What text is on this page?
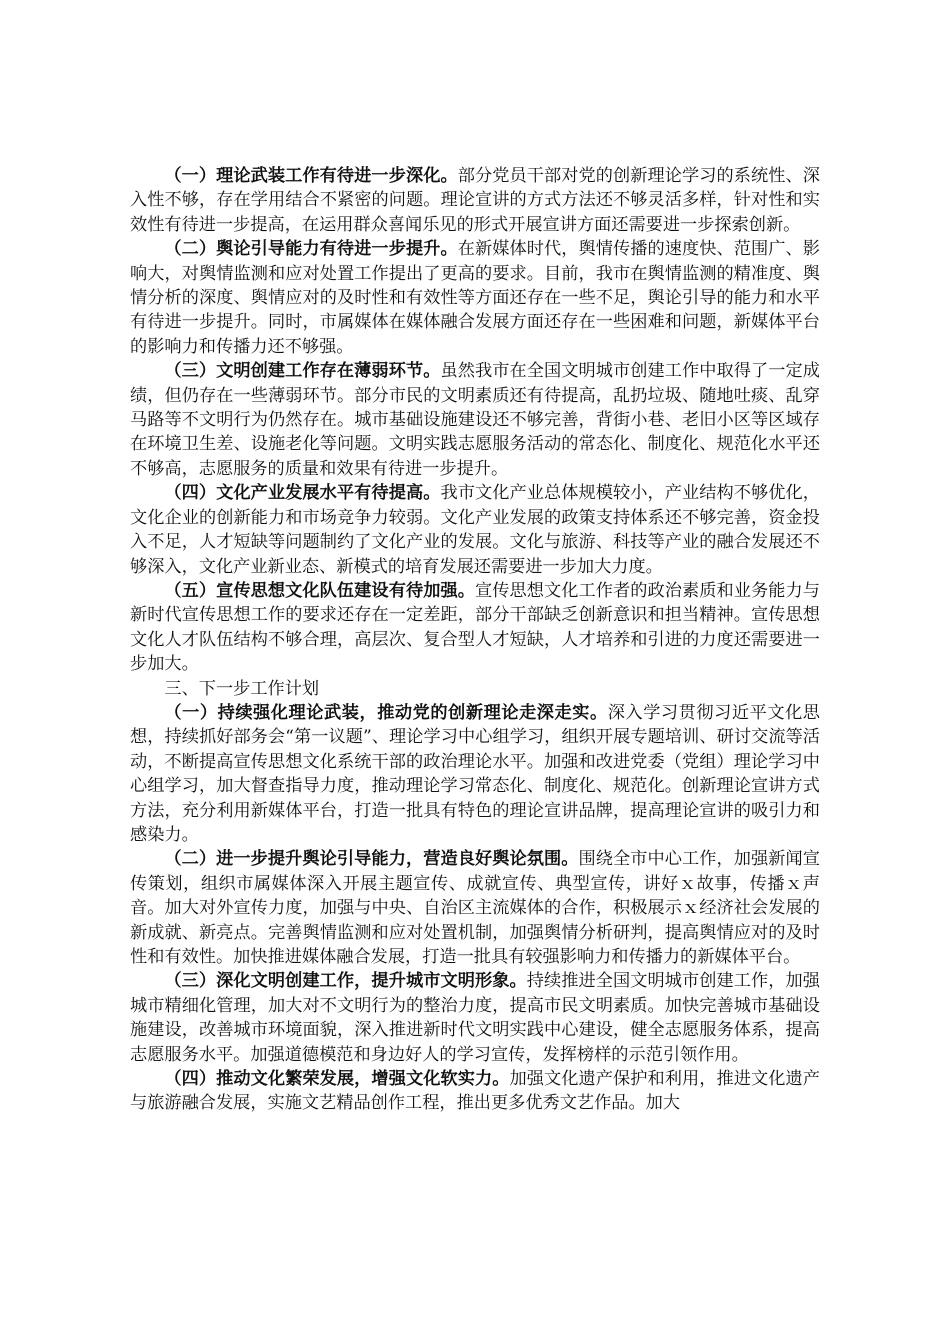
（一）理论武装工作有待进一步深化。部分党员干部对党的创新理论学习的系统性、深入性不够，存在学用结合不紧密的问题。理论宣讲的方式方法还不够灵活多样，针对性和实效性有待进一步提高，在运用群众喜闻乐见的形式开展宣讲方面还需要进一步探索创新。

（二）舆论引导能力有待进一步提升。在新媒体时代，舆情传播的速度快、范围广、影响大，对舆情监测和应对处置工作提出了更高的要求。目前，我市在舆情监测的精准度、舆情分析的深度、舆情应对的及时性和有效性等方面还存在一些不足，舆论引导的能力和水平有待进一步提升。同时，市属媒体在媒体融合发展方面还存在一些困难和问题，新媒体平台的影响力和传播力还不够强。

（三）文明创建工作存在薄弱环节。虽然我市在全国文明城市创建工作中取得了一定成绩，但仍存在一些薄弱环节。部分市民的文明素质还有待提高，乱扔垃圾、随地吐痰、乱穿马路等不文明行为仍然存在。城市基础设施建设还不够完善，背街小巷、老旧小区等区域存在环境卫生差、设施老化等问题。文明实践志愿服务活动的常态化、制度化、规范化水平还不够高，志愿服务的质量和效果有待进一步提升。

（四）文化产业发展水平有待提高。我市文化产业总体规模较小，产业结构不够优化，文化企业的创新能力和市场竞争力较弱。文化产业发展的政策支持体系还不够完善，资金投入不足，人才短缺等问题制约了文化产业的发展。文化与旅游、科技等产业的融合发展还不够深入，文化产业新业态、新模式的培育发展还需要进一步加大力度。

（五）宣传思想文化队伍建设有待加强。宣传思想文化工作者的政治素质和业务能力与新时代宣传思想工作的要求还存在一定差距，部分干部缺乏创新意识和担当精神。宣传思想文化人才队伍结构不够合理，高层次、复合型人才短缺，人才培养和引进的力度还需要进一步加大。

三、下一步工作计划

（一）持续强化理论武装，推动党的创新理论走深走实。深入学习贯彻习近平文化思想，持续抓好部务会“第一议题”、理论学习中心组学习，组织开展专题培训、研讨交流等活动，不断提高宣传思想文化系统干部的政治理论水平。加强和改进党委（党组）理论学习中心组学习，加大督查指导力度，推动理论学习常态化、制度化、规范化。创新理论宣讲方式方法，充分利用新媒体平台，打造一批具有特色的理论宣讲品牌，提高理论宣讲的吸引力和感染力。

（二）进一步提升舆论引导能力，营造良好舆论氛围。围绕全市中心工作，加强新闻宣传策划，组织市属媒体深入开展主题宣传、成就宣传、典型宣传，讲好ｘ故事，传播ｘ声音。加大对外宣传力度，加强与中央、自治区主流媒体的合作，积极展示ｘ经济社会发展的新成就、新亮点。完善舆情监测和应对处置机制，加强舆情分析研判，提高舆情应对的及时性和有效性。加快推进媒体融合发展，打造一批具有较强影响力和传播力的新媒体平台。

（三）深化文明创建工作，提升城市文明形象。持续推进全国文明城市创建工作，加强城市精细化管理，加大对不文明行为的整治力度，提高市民文明素质。加快完善城市基础设施建设，改善城市环境面貌，深入推进新时代文明实践中心建设，健全志愿服务体系，提高志愿服务水平。加强道德模范和身边好人的学习宣传，发挥榜样的示范引领作用。

（四）推动文化繁荣发展，增强文化软实力。加强文化遗产保护和利用，推进文化遗产与旅游融合发展，实施文艺精品创作工程，推出更多优秀文艺作品。加大
